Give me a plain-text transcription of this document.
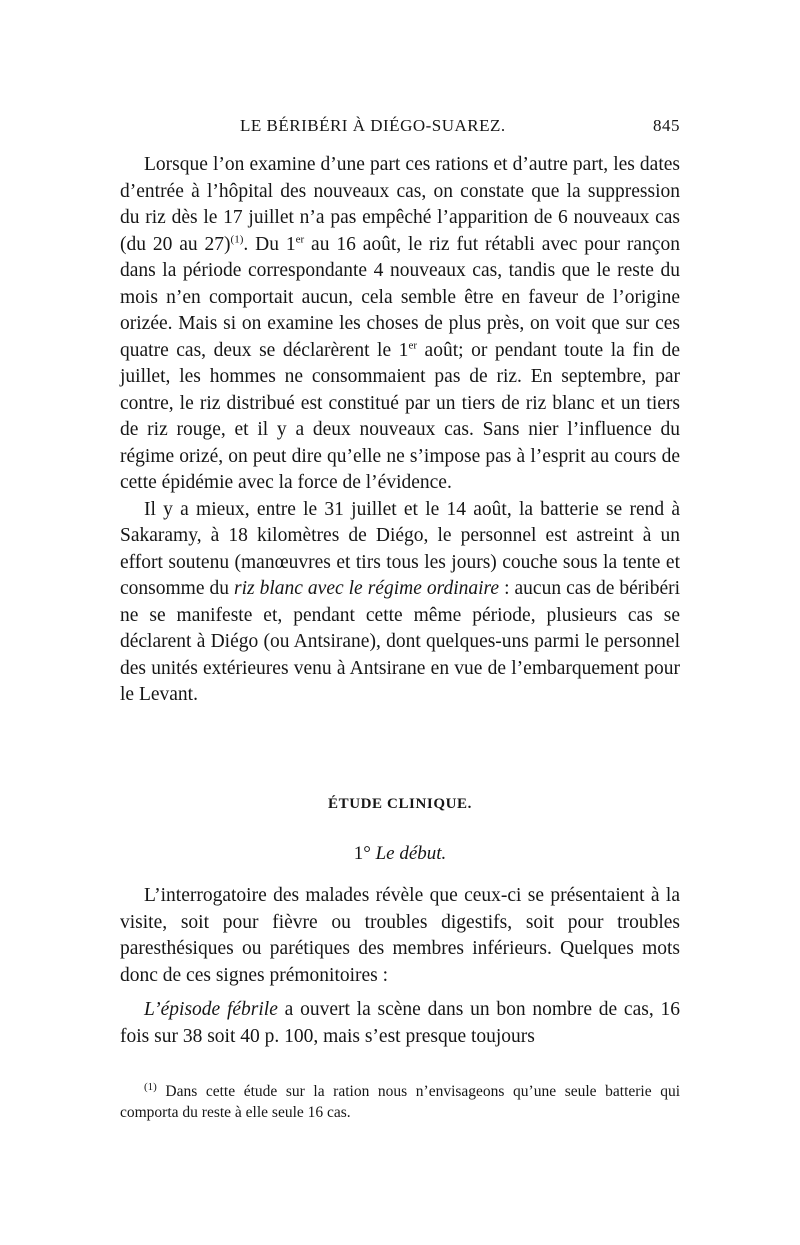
LE BÉRIBÉRI À DIÉGO-SUAREZ.	845

Lorsque l’on examine d’une part ces rations et d’autre part, les dates d’entrée à l’hôpital des nouveaux cas, on constate que la suppression du riz dès le 17 juillet n’a pas empêché l’apparition de 6 nouveaux cas (du 20 au 27)$^{(1)}$. Du 1er au 16 août, le riz fut rétabli avec pour rançon dans la période correspondante 4 nouveaux cas, tandis que le reste du mois n’en comportait aucun, cela semble être en faveur de l’origine orizée. Mais si on examine les choses de plus près, on voit que sur ces quatre cas, deux se déclarèrent le 1er août; or pendant toute la fin de juillet, les hommes ne consommaient pas de riz. En septembre, par contre, le riz distribué est constitué par un tiers de riz blanc et un tiers de riz rouge, et il y a deux nouveaux cas. Sans nier l’influence du régime orizé, on peut dire qu’elle ne s’impose pas à l’esprit au cours de cette épidémie avec la force de l’évidence.

Il y a mieux, entre le 31 juillet et le 14 août, la batterie se rend à Sakaramy, à 18 kilomètres de Diégo, le personnel est astreint à un effort soutenu (manœuvres et tirs tous les jours) couche sous la tente et consomme du riz blanc avec le régime ordinaire : aucun cas de béribéri ne se manifeste et, pendant cette même période, plusieurs cas se déclarent à Diégo (ou Antsirane), dont quelques-uns parmi le personnel des unités extérieures venu à Antsirane en vue de l’embarquement pour le Levant.

ÉTUDE CLINIQUE.
1° Le début.

L’interrogatoire des malades révèle que ceux-ci se présentaient à la visite, soit pour fièvre ou troubles digestifs, soit pour troubles paresthésiques ou parétiques des membres inférieurs. Quelques mots donc de ces signes prémonitoires :

L’épisode fébrile a ouvert la scène dans un bon nombre de cas, 16 fois sur 38 soit 40 p. 100, mais s’est presque toujours

$^{(1)}$ Dans cette étude sur la ration nous n’envisageons qu’une seule batterie qui comporta du reste à elle seule 16 cas.
